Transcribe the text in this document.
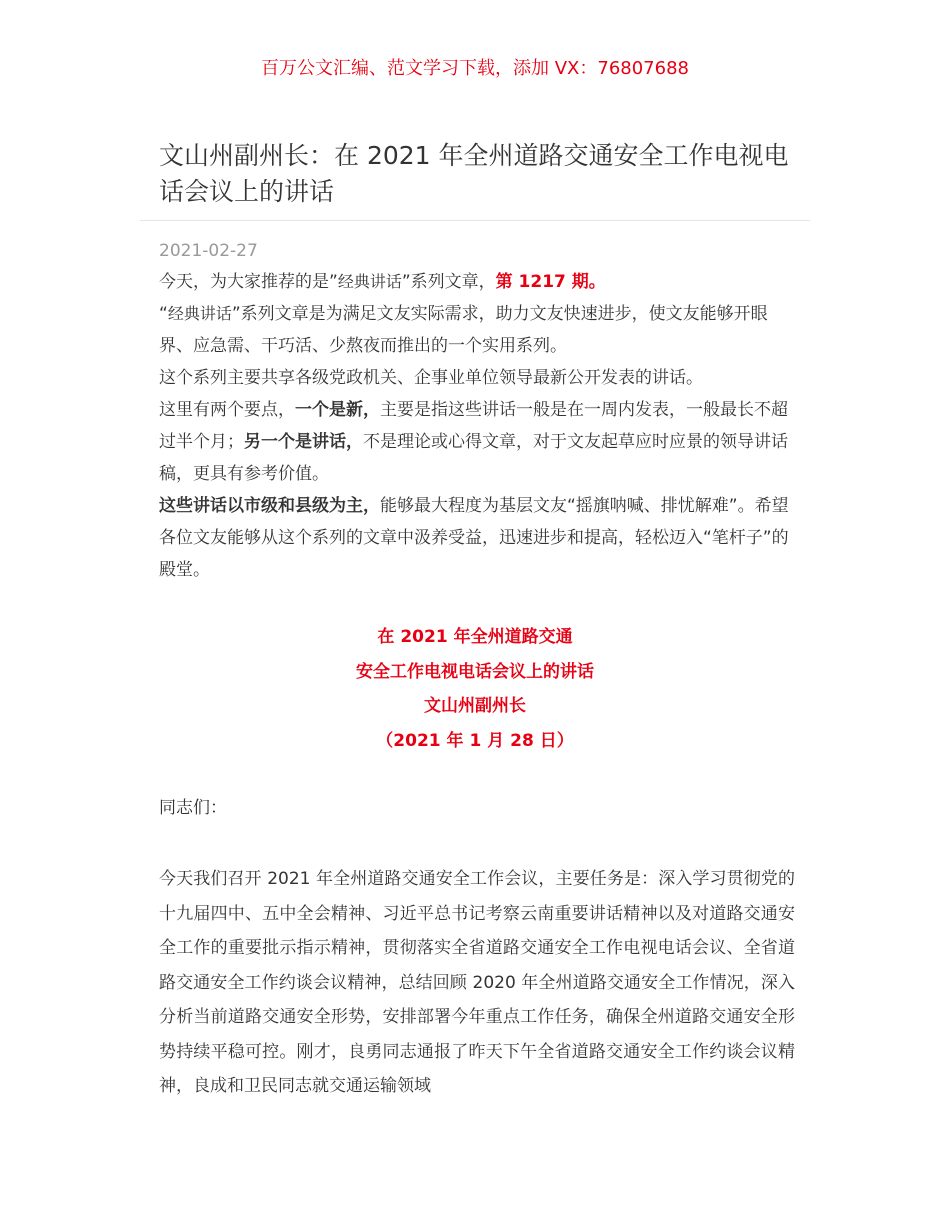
百万公文汇编、范文学习下载，添加 VX：76807688
文山州副州长：在 2021 年全州道路交通安全工作电视电话会议上的讲话
2021-02-27

今天，为大家推荐的是”经典讲话”系列文章，第 1217 期。

“经典讲话”系列文章是为满足文友实际需求，助力文友快速进步，使文友能够开眼界、应急需、干巧活、少熬夜而推出的一个实用系列。

这个系列主要共享各级党政机关、企事业单位领导最新公开发表的讲话。

这里有两个要点，一个是新，主要是指这些讲话一般是在一周内发表，一般最长不超过半个月；另一个是讲话，不是理论或心得文章，对于文友起草应时应景的领导讲话稿，更具有参考价值。

这些讲话以市级和县级为主，能够最大程度为基层文友“摇旗呐喊、排忧解难”。希望各位文友能够从这个系列的文章中汲养受益，迅速进步和提高，轻松迈入“笔杆子”的殿堂。

在 2021 年全州道路交通
安全工作电视电话会议上的讲话
文山州副州长
（2021 年 1 月 28 日）
同志们：

今天我们召开 2021 年全州道路交通安全工作会议，主要任务是：深入学习贯彻党的十九届四中、五中全会精神、习近平总书记考察云南重要讲话精神以及对道路交通安全工作的重要批示指示精神，贯彻落实全省道路交通安全工作电视电话会议、全省道路交通安全工作约谈会议精神，总结回顾 2020 年全州道路交通安全工作情况，深入分析当前道路交通安全形势，安排部署今年重点工作任务，确保全州道路交通安全形势持续平稳可控。刚才，良勇同志通报了昨天下午全省道路交通安全工作约谈会议精神，良成和卫民同志就交通运输领域
